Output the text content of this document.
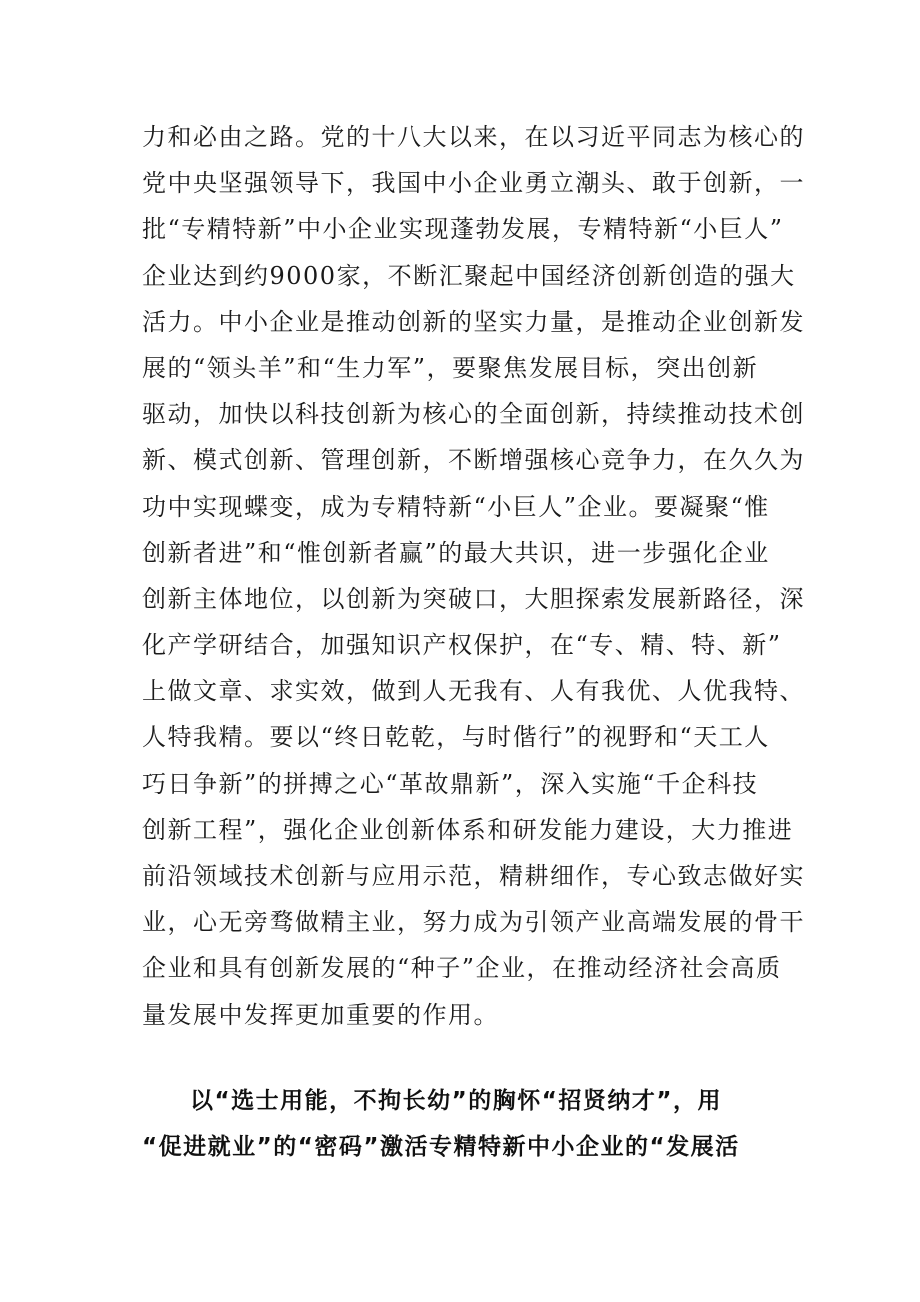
力和必由之路。党的十八大以来，在以习近平同志为核心的
党中央坚强领导下，我国中小企业勇立潮头、敢于创新，一
批“专精特新”中小企业实现蓬勃发展，专精特新“小巨人”
企业达到约9000家，不断汇聚起中国经济创新创造的强大
活力。中小企业是推动创新的坚实力量，是推动企业创新发
展的“领头羊”和“生力军”，要聚焦发展目标，突出创新
驱动，加快以科技创新为核心的全面创新，持续推动技术创
新、模式创新、管理创新，不断增强核心竞争力，在久久为
功中实现蝶变，成为专精特新“小巨人”企业。要凝聚“惟
创新者进”和“惟创新者赢”的最大共识，进一步强化企业
创新主体地位，以创新为突破口，大胆探索发展新路径，深
化产学研结合，加强知识产权保护，在“专、精、特、新”
上做文章、求实效，做到人无我有、人有我优、人优我特、
人特我精。要以“终日乾乾，与时偕行”的视野和“天工人
巧日争新”的拼搏之心“革故鼎新”，深入实施“千企科技
创新工程”，强化企业创新体系和研发能力建设，大力推进
前沿领域技术创新与应用示范，精耕细作，专心致志做好实
业，心无旁骛做精主业，努力成为引领产业高端发展的骨干
企业和具有创新发展的“种子”企业，在推动经济社会高质
量发展中发挥更加重要的作用。
以“选士用能，不拘长幼”的胸怀“招贤纳才”，用
“促进就业”的“密码”激活专精特新中小企业的“发展活
